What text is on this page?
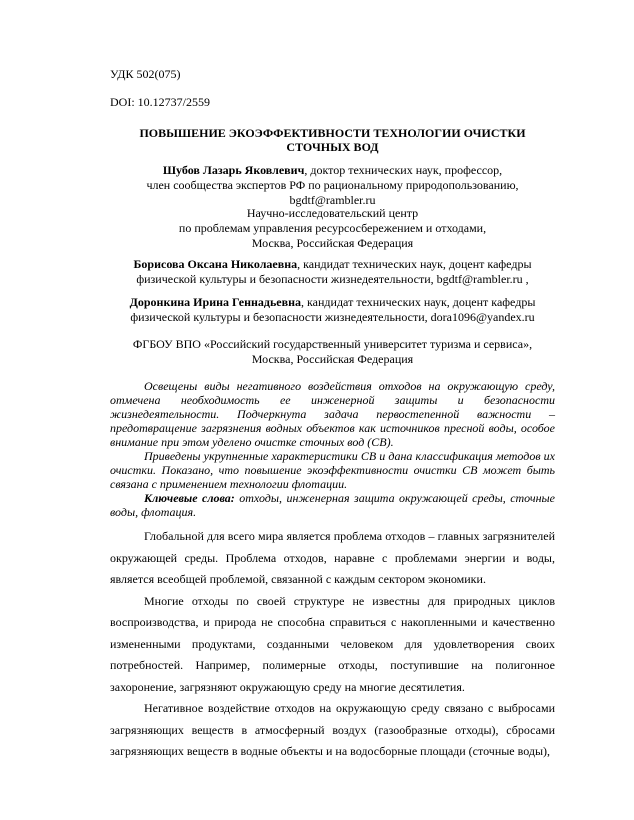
УДК 502(075)
DOI: 10.12737/2559
ПОВЫШЕНИЕ ЭКОЭФФЕКТИВНОСТИ ТЕХНОЛОГИИ ОЧИСТКИ
СТОЧНЫХ ВОД
Шубов Лазарь Яковлевич, доктор технических наук, профессор,
член сообщества экспертов РФ по рациональному природопользованию, bgdtf@rambler.ru
Научно-исследовательский центр
по проблемам управления ресурсосбережением и отходами,
Москва, Российская Федерация
Борисова Оксана Николаевна, кандидат технических наук, доцент кафедры
физической культуры и безопасности жизнедеятельности, bgdtf@rambler.ru ,
Доронкина Ирина Геннадьевна, кандидат технических наук, доцент кафедры
физической культуры и безопасности жизнедеятельности, dora1096@yandex.ru
ФГБОУ ВПО «Российский государственный университет туризма и сервиса»,
Москва, Российская Федерация

Освещены виды негативного воздействия отходов на окружающую среду, отмечена необходимость ее инженерной защиты и безопасности жизнедеятельности. Подчеркнута задача первостепенной важности – предотвращение загрязнения водных объектов как источников пресной воды, особое внимание при этом уделено очистке сточных вод (СВ).

Приведены укрупненные характеристики СВ и дана классификация методов их очистки. Показано, что повышение экоэффективности очистки СВ может быть связана с применением технологии флотации.

Ключевые слова: отходы, инженерная защита окружающей среды, сточные воды, флотация.

Глобальной для всего мира является проблема отходов – главных загрязнителей окружающей среды. Проблема отходов, наравне с проблемами энергии и воды, является всеобщей проблемой, связанной с каждым сектором экономики.

Многие отходы по своей структуре не известны для природных циклов воспроизводства, и природа не способна справиться с накопленными и качественно измененными продуктами, созданными человеком для удовлетворения своих потребностей. Например, полимерные отходы, поступившие на полигонное захоронение, загрязняют окружающую среду на многие десятилетия.

Негативное воздействие отходов на окружающую среду связано с выбросами загрязняющих веществ в атмосферный воздух (газообразные отходы), сбросами загрязняющих веществ в водные объекты и на водосборные площади (сточные воды),
